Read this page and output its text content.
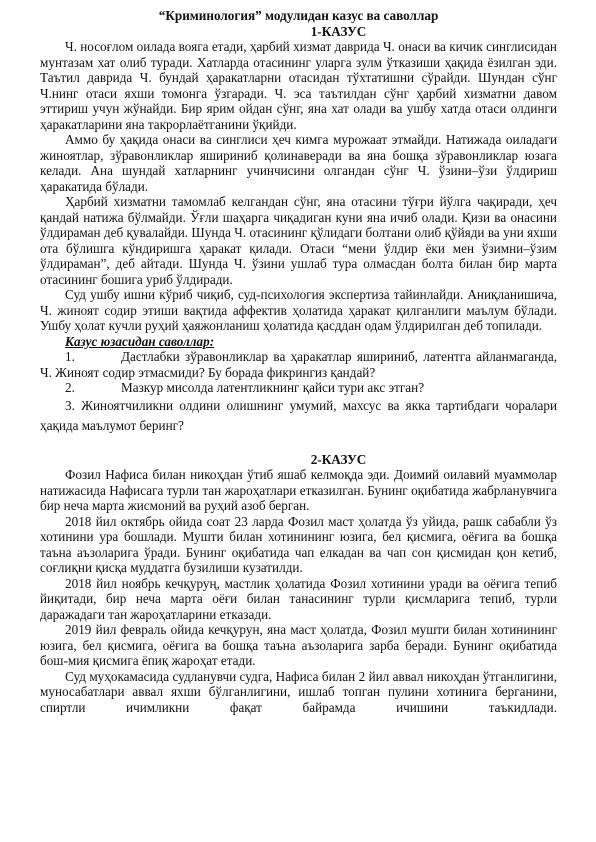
“Криминология” модулидан казус ва саволлар
1-КАЗУС

Ч. носоғлом оилада вояга етади, ҳарбий хизмат даврида Ч. онаси ва кичик синглисидан мунтазам хат олиб туради. Хатларда отасининг уларга зулм ўтказиши ҳақида ёзилган эди. Таътил даврида Ч. бундай ҳаракатларни отасидан тўхтатишни сўрайди. Шундан сўнг Ч.нинг отаси яхши томонга ўзгаради. Ч. эса таътилдан сўнг ҳарбий хизматни давом эттириш учун жўнайди. Бир ярим ойдан сўнг, яна хат олади ва ушбу хатда отаси олдинги ҳаракатларини яна такрорлаётганини ўқийди.

Аммо бу ҳақида онаси ва синглиси ҳеч кимга мурожаат этмайди. Натижада оиладаги жиноятлар, зўравонликлар яшириниб қолинаверади ва яна бошқа зўравонликлар юзага келади. Ана шундай хатларнинг учинчисини олгандан сўнг Ч. ўзини–ўзи ўлдириш ҳаракатида бўлади.

Ҳарбий хизматни тамомлаб келгандан сўнг, яна отасини тўғри йўлга чақиради, ҳеч қандай натижа бўлмайди. Ўғли шаҳарга чиқадиган куни яна ичиб олади. Қизи ва онасини ўлдираман деб қувалайди. Шунда Ч. отасининг қўлидаги болтани олиб қўйяди ва уни яхши ота бўлишга кўндиришга ҳаракат қилади. Отаси “мени ўлдир ёки мен ўзимни–ўзим ўлдираман”, деб айтади. Шунда Ч. ўзини ушлаб тура олмасдан болта билан бир марта отасининг бошига уриб ўлдиради.

Суд ушбу ишни кўриб чиқиб, суд-психология экспертиза тайинлайди. Аниқланишича, Ч. жиноят содир этиши вақтида аффектив ҳолатида ҳаракат қилганлиги маълум бўлади. Ушбу ҳолат кучли руҳий ҳаяжонланиш ҳолатида қасддан одам ўлдирилган деб топилади.

Казус юзасидан саволлар:
1.	Дастлабки зўравонликлар ва ҳаракатлар яшириниб, латентга айланмаганда, Ч. Жиноят содир этмасмиди? Бу борада фикрингиз қандай?
2.	Мазкур мисолда латентликнинг қайси тури акс этган?
3. Жиноятчиликни олдини олишнинг умумий, махсус ва якка тартибдаги чоралари ҳақида маълумот беринг?
2-КАЗУС

Фозил Нафиса билан никоҳдан ўтиб яшаб келмоқда эди. Доимий оилавий муаммолар натижасида Нафисага турли тан жароҳатлари етказилган. Бунинг оқибатида жабрланувчига бир неча марта жисмоний ва руҳий азоб берган.

2018 йил октябрь ойида соат 23 ларда Фозил маст ҳолатда ўз уйида, рашк сабабли ўз хотинини ура бошлади. Мушти билан хотинининг юзига, бел қисмига, оёғига ва бошқа таъна аъзоларига ўради. Бунинг оқибатида чап елкадан ва чап сон қисмидан қон кетиб, соғлиқни қисқа муддатга бузилиши кузатилди.

2018 йил ноябрь кечқуруң, мастлик ҳолатида Фозил хотинини уради ва оёғига тепиб йиқитади, бир неча марта оёғи билан танасининг турли қисмларига тепиб, турли даражадаги тан жароҳатларини етказади.

2019 йил февраль ойида кечқурун, яна маст ҳолатда, Фозил мушти билан хотинининг юзига, бел қисмига, оёғига ва бошқа таъна аъзоларига зарба беради. Бунинг оқибатида бош-мия қисмига ёпиқ жароҳат етади.

Суд муҳокамасида судланувчи судга, Нафиса билан 2 йил аввал никоҳдан ўтганлигини, муносабатлари аввал яхши бўлганлигини, ишлаб топган пулини хотинига берганини, спиртли ичимликни фақат байрамда ичишини таъкидлади.
